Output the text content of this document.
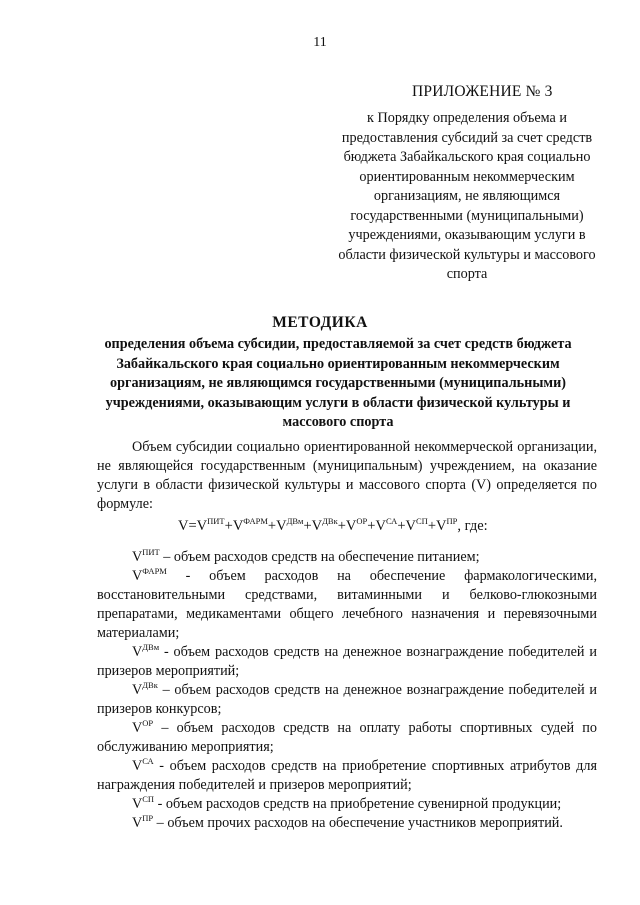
11
ПРИЛОЖЕНИЕ № 3
к Порядку определения объема и предоставления субсидий за счет средств бюджета Забайкальского края социально ориентированным некоммерческим организациям, не являющимся государственными (муниципальными) учреждениями, оказывающим услуги в области физической культуры и массового спорта
МЕТОДИКА
определения объема субсидии, предоставляемой за счет средств бюджета Забайкальского края социально ориентированным некоммерческим организациям, не являющимся государственными (муниципальными) учреждениями, оказывающим услуги в области физической культуры и массового спорта

Объем субсидии социально ориентированной некоммерческой организации, не являющейся государственным (муниципальным) учреждением, на оказание услуги в области физической культуры и массового спорта (V) определяется по формуле:

$V=V^{ПИТ}+V^{ФАРМ}+V^{ДВм}+V^{ДВк}+V^{ОР}+V^{СА}+V^{СП}+V^{ПР}$, где:

$V^{ПИТ}$ – объем расходов средств на обеспечение питанием;

$V^{ФАРМ}$ - объем расходов на обеспечение фармакологическими, восстановительными средствами, витаминными и белково-глюкозными препаратами, медикаментами общего лечебного назначения и перевязочными материалами;

$V^{ДВм}$ - объем расходов средств на денежное вознаграждение победителей и призеров мероприятий;

$V^{ДВк}$ – объем расходов средств на денежное вознаграждение победителей и призеров конкурсов;

$V^{ОР}$ – объем расходов средств на оплату работы спортивных судей по обслуживанию мероприятия;

$V^{СА}$ - объем расходов средств на приобретение спортивных атрибутов для награждения победителей и призеров мероприятий;

$V^{СП}$ - объем расходов средств на приобретение сувенирной продукции;

$V^{ПР}$ – объем прочих расходов на обеспечение участников мероприятий.
